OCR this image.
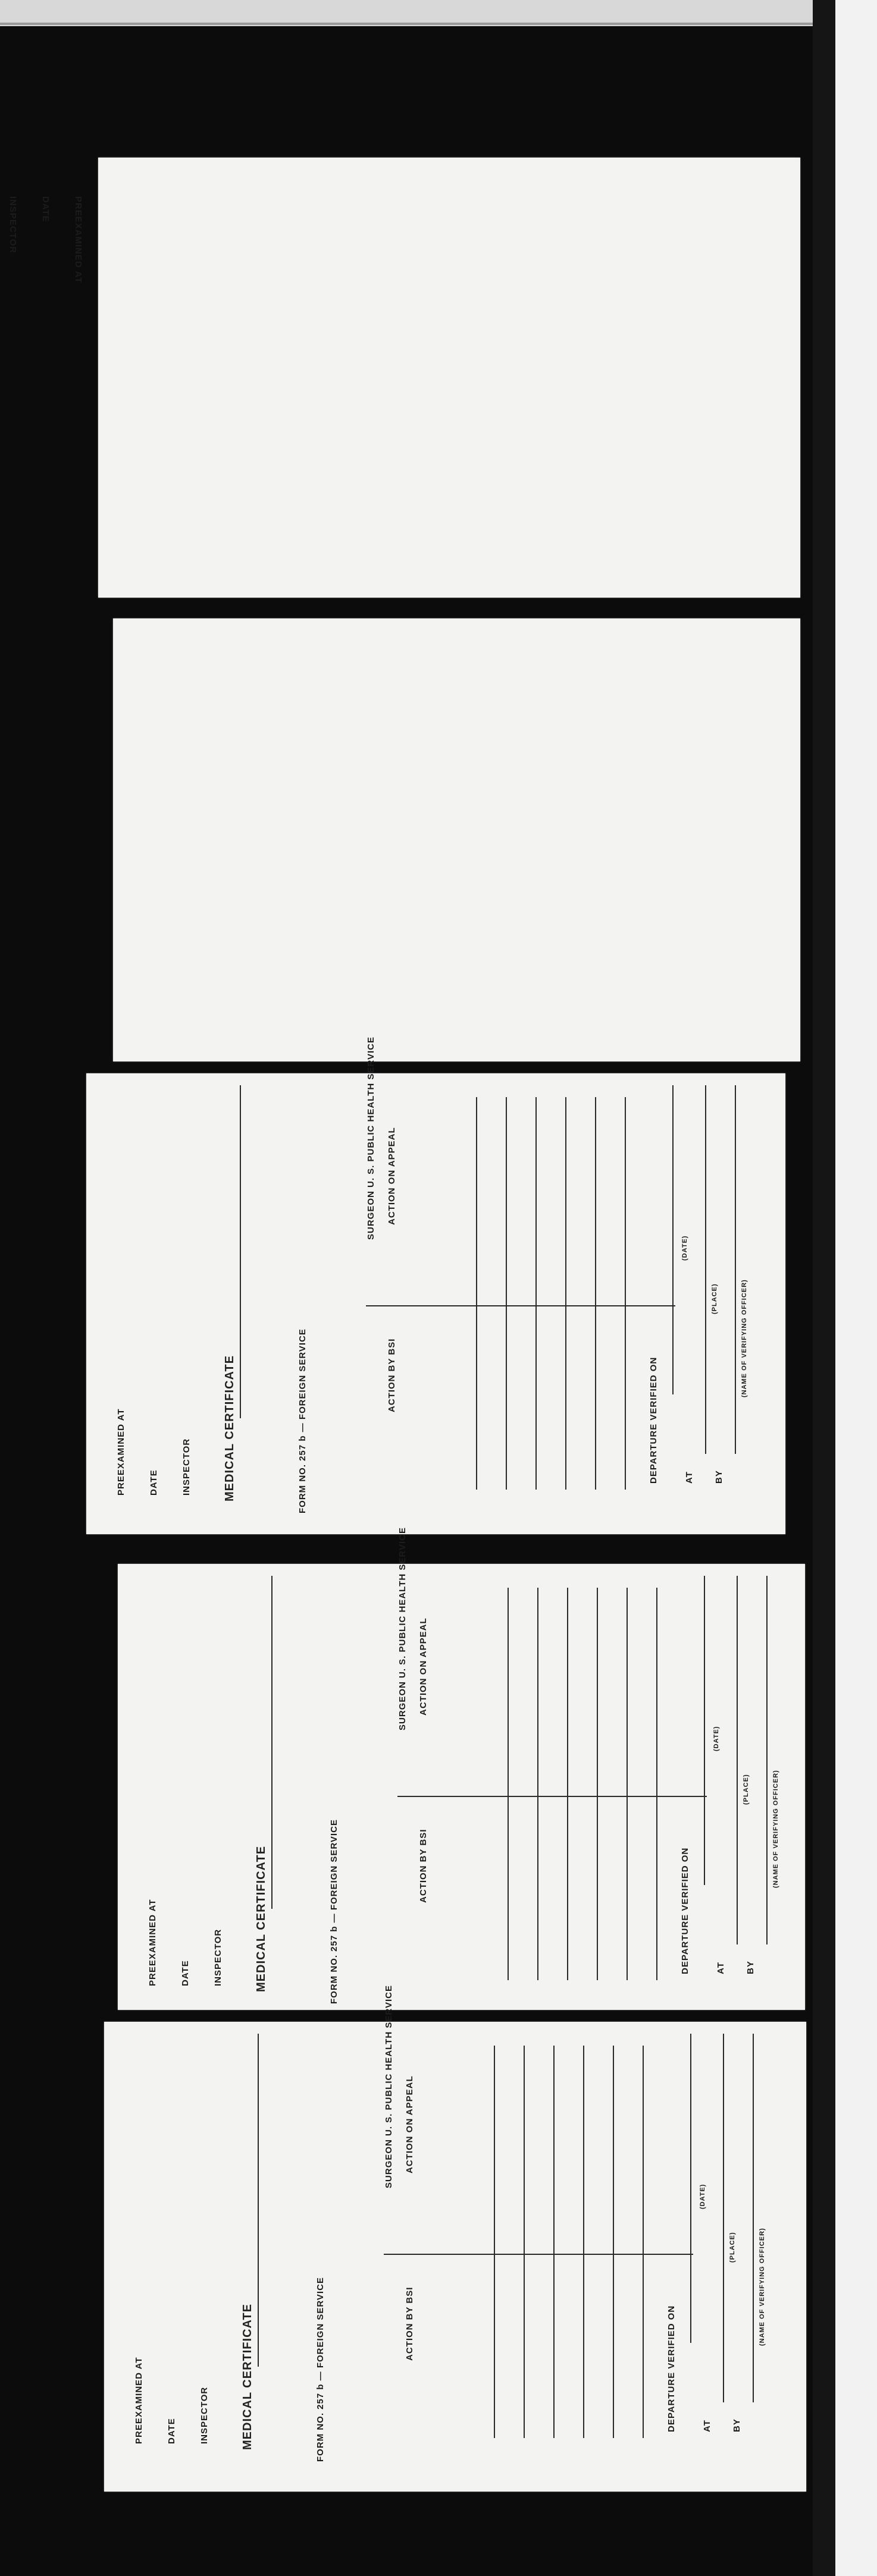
PREEXAMINED AT
DATE
INSPECTOR
PREEXAMINED AT	DATE	INSPECTOR	MEDICAL CERTIFICATE	FORM NO. 257 b — FOREIGN SERVICE
SURGEON U. S. PUBLIC HEALTH SERVICE
ACTION BY BSI
ACTION ON APPEAL
DEPARTURE VERIFIED ON
(DATE)
AT
(PLACE)
BY
(NAME OF VERIFYING OFFICER)
PREEXAMINED AT	DATE	INSPECTOR	MEDICAL CERTIFICATE	FORM NO. 257 b — FOREIGN SERVICE
SURGEON U. S. PUBLIC HEALTH SERVICE
ACTION BY BSI
ACTION ON APPEAL
DEPARTURE VERIFIED ON
(DATE)
AT
(PLACE)
BY
(NAME OF VERIFYING OFFICER)
PREEXAMINED AT	DATE	INSPECTOR	MEDICAL CERTIFICATE	FORM NO. 257 b — FOREIGN SERVICE
SURGEON U. S. PUBLIC HEALTH SERVICE
ACTION BY BSI
ACTION ON APPEAL
DEPARTURE VERIFIED ON
(DATE)
AT
(PLACE)
BY
(NAME OF VERIFYING OFFICER)
